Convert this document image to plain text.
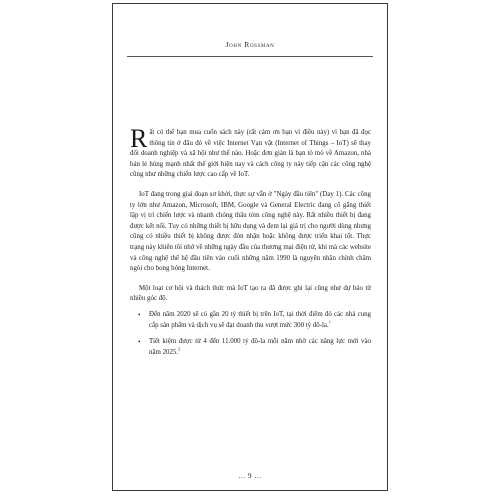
John Rossman

Rất có thể bạn mua cuốn sách này (rất cảm ơn bạn vì điều này) vì bạn đã đọc thông tin ở đâu đó về việc Internet Vạn vật (Internet of Things – IoT) sẽ thay đổi doanh nghiệp và xã hội như thế nào. Hoặc đơn giản là bạn tò mò về Amazon, nhà bán lẻ hùng mạnh nhất thế giới hiện nay và cách công ty này tiếp cận các công nghệ cũng như những chiến lược cao cấp về IoT.

IoT đang trong giai đoạn sơ khởi, thực sự vẫn ở "Ngày đầu tiên" (Day 1). Các công ty lớn như Amazon, Microsoft, IBM, Google và General Electric đang cố gắng thiết lập vị trí chiến lược và nhanh chóng thâu tóm công nghệ này. Rất nhiều thiết bị đang được kết nối. Tuy có những thiết bị hữu dụng và đem lại giá trị cho người dùng nhưng cũng có nhiều thiết bị không được đón nhận hoặc không được triển khai tốt. Thực trạng này khiến tôi nhớ về những ngày đầu của thương mại điện tử, khi mà các website và công nghệ thế hệ đầu tiên vào cuối những năm 1990 là nguyên nhân chính châm ngòi cho bong bóng Internet.

Một loạt cơ hội và thách thức mà IoT tạo ra đã được ghi lại cũng như dự báo từ nhiều góc độ.

• Đến năm 2020 sẽ có gần 20 tỷ thiết bị trên IoT, tại thời điểm đó các nhà cung cấp sản phẩm và dịch vụ sẽ đạt doanh thu vượt mức 300 tỷ đô-la.$^1$
• Tiết kiệm được từ 4 đến 11.000 tỷ đô-la mỗi năm nhờ các năng lực mới vào năm 2025.$^2$
… 9 …
